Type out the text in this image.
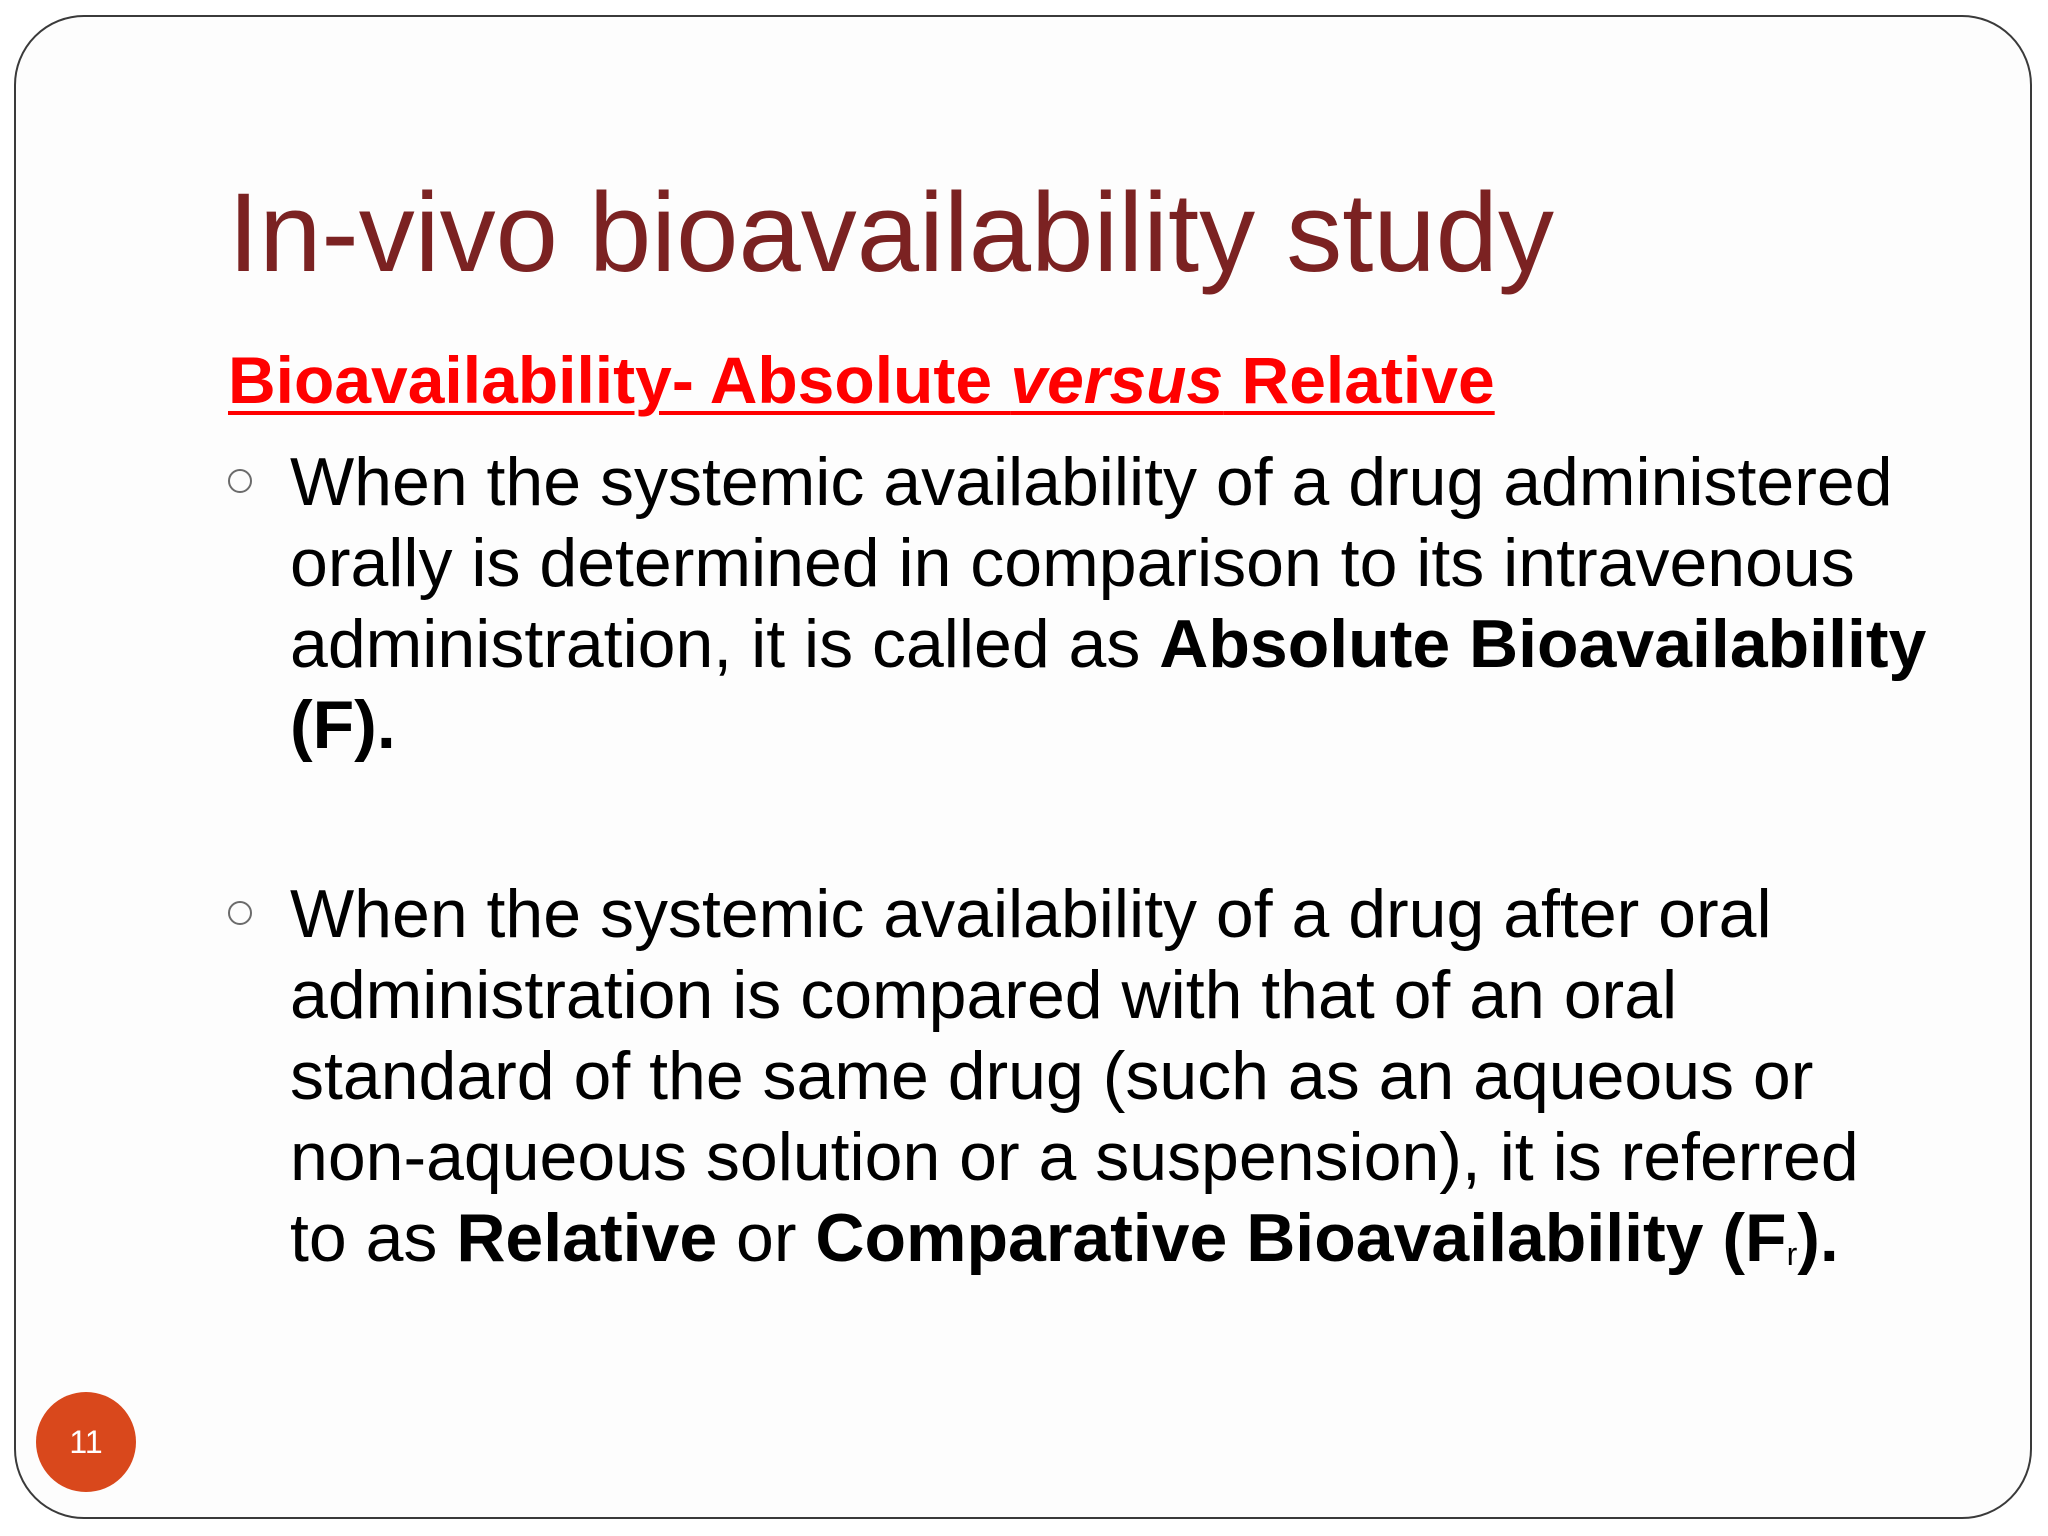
In-vivo bioavailability study
Bioavailability- Absolute versus Relative
When the systemic availability of a drug administered orally is determined in comparison to its intravenous administration, it is called as Absolute Bioavailability (F).
When the systemic availability of a drug after oral administration is compared with that of an oral standard of the same drug (such as an aqueous or non-aqueous solution or a suspension), it is referred to as Relative or Comparative Bioavailability (Fr).
11
